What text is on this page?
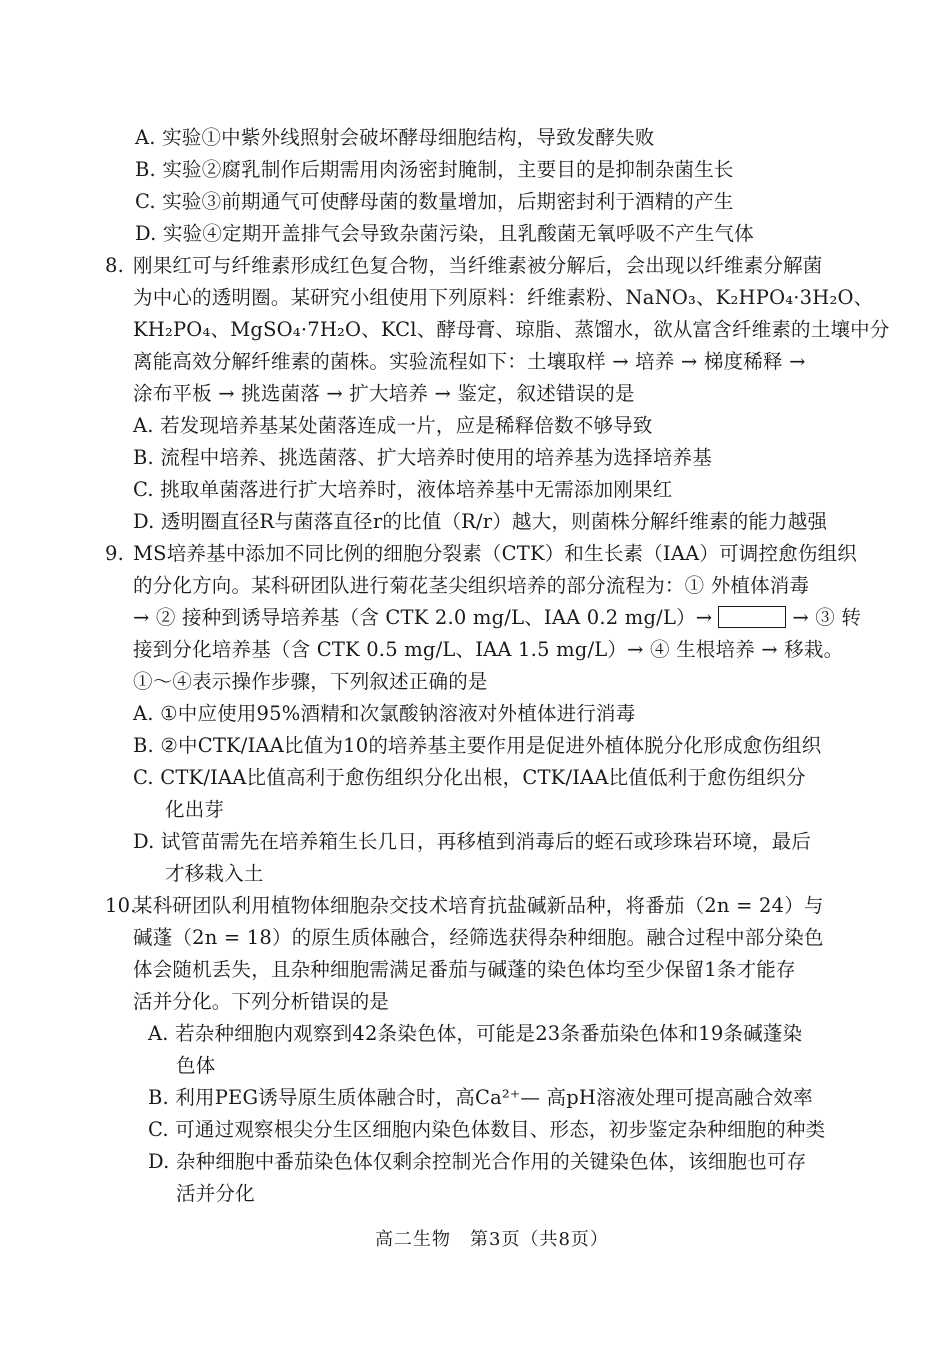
A. 实验①中紫外线照射会破坏酵母细胞结构，导致发酵失败
B. 实验②腐乳制作后期需用肉汤密封腌制，主要目的是抑制杂菌生长
C. 实验③前期通气可使酵母菌的数量增加，后期密封利于酒精的产生
D. 实验④定期开盖排气会导致杂菌污染，且乳酸菌无氧呼吸不产生气体
8. 刚果红可与纤维素形成红色复合物，当纤维素被分解后，会出现以纤维素分解菌
为中心的透明圈。某研究小组使用下列原料：纤维素粉、NaNO₃、K₂HPO₄·3H₂O、
KH₂PO₄、MgSO₄·7H₂O、KCl、酵母膏、琼脂、蒸馏水，欲从富含纤维素的土壤中分
离能高效分解纤维素的菌株。实验流程如下：土壤取样 → 培养 → 梯度稀释 →
涂布平板 → 挑选菌落 → 扩大培养 → 鉴定，叙述错误的是
A. 若发现培养基某处菌落连成一片，应是稀释倍数不够导致
B. 流程中培养、挑选菌落、扩大培养时使用的培养基为选择培养基
C. 挑取单菌落进行扩大培养时，液体培养基中无需添加刚果红
D. 透明圈直径R与菌落直径r的比值（R/r）越大，则菌株分解纤维素的能力越强
9. MS培养基中添加不同比例的细胞分裂素（CTK）和生长素（IAA）可调控愈伤组织
的分化方向。某科研团队进行菊花茎尖组织培养的部分流程为：① 外植体消毒
→ ② 接种到诱导培养基（含 CTK 2.0 mg/L、IAA 0.2 mg/L）→	→ ③ 转
接到分化培养基（含 CTK 0.5 mg/L、IAA 1.5 mg/L）→ ④ 生根培养 → 移栽。
①～④表示操作步骤，下列叙述正确的是
A. ①中应使用95%酒精和次氯酸钠溶液对外植体进行消毒
B. ②中CTK/IAA比值为10的培养基主要作用是促进外植体脱分化形成愈伤组织
C. CTK/IAA比值高利于愈伤组织分化出根，CTK/IAA比值低利于愈伤组织分
化出芽
D. 试管苗需先在培养箱生长几日，再移植到消毒后的蛭石或珍珠岩环境，最后
才移栽入土
10.某科研团队利用植物体细胞杂交技术培育抗盐碱新品种，将番茄（2n = 24）与
碱蓬（2n = 18）的原生质体融合，经筛选获得杂种细胞。融合过程中部分染色
体会随机丢失，且杂种细胞需满足番茄与碱蓬的染色体均至少保留1条才能存
活并分化。下列分析错误的是
A. 若杂种细胞内观察到42条染色体，可能是23条番茄染色体和19条碱蓬染
色体
B. 利用PEG诱导原生质体融合时，高Ca²⁺— 高pH溶液处理可提高融合效率
C. 可通过观察根尖分生区细胞内染色体数目、形态，初步鉴定杂种细胞的种类
D. 杂种细胞中番茄染色体仅剩余控制光合作用的关键染色体，该细胞也可存
活并分化
高二生物　第3页（共8页）
